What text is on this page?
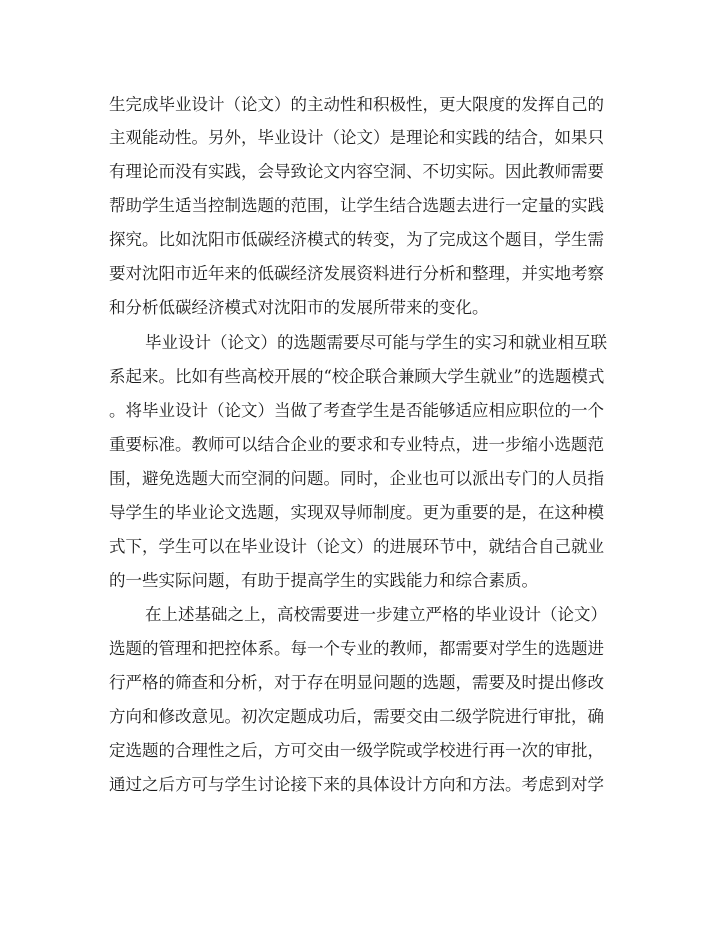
生完成毕业设计（论文）的主动性和积极性，更大限度的发挥自己的
主观能动性。另外，毕业设计（论文）是理论和实践的结合，如果只
有理论而没有实践，会导致论文内容空洞、不切实际。因此教师需要
帮助学生适当控制选题的范围，让学生结合选题去进行一定量的实践
探究。比如沈阳市低碳经济模式的转变，为了完成这个题目，学生需
要对沈阳市近年来的低碳经济发展资料进行分析和整理，并实地考察
和分析低碳经济模式对沈阳市的发展所带来的变化。
毕业设计（论文）的选题需要尽可能与学生的实习和就业相互联
系起来。比如有些高校开展的“校企联合兼顾大学生就业”的选题模式
。将毕业设计（论文）当做了考查学生是否能够适应相应职位的一个
重要标准。教师可以结合企业的要求和专业特点，进一步缩小选题范
围，避免选题大而空洞的问题。同时，企业也可以派出专门的人员指
导学生的毕业论文选题，实现双导师制度。更为重要的是，在这种模
式下，学生可以在毕业设计（论文）的进展环节中，就结合自己就业
的一些实际问题，有助于提高学生的实践能力和综合素质。
在上述基础之上，高校需要进一步建立严格的毕业设计（论文）
选题的管理和把控体系。每一个专业的教师，都需要对学生的选题进
行严格的筛查和分析，对于存在明显问题的选题，需要及时提出修改
方向和修改意见。初次定题成功后，需要交由二级学院进行审批，确
定选题的合理性之后，方可交由一级学院或学校进行再一次的审批，
通过之后方可与学生讨论接下来的具体设计方向和方法。考虑到对学
